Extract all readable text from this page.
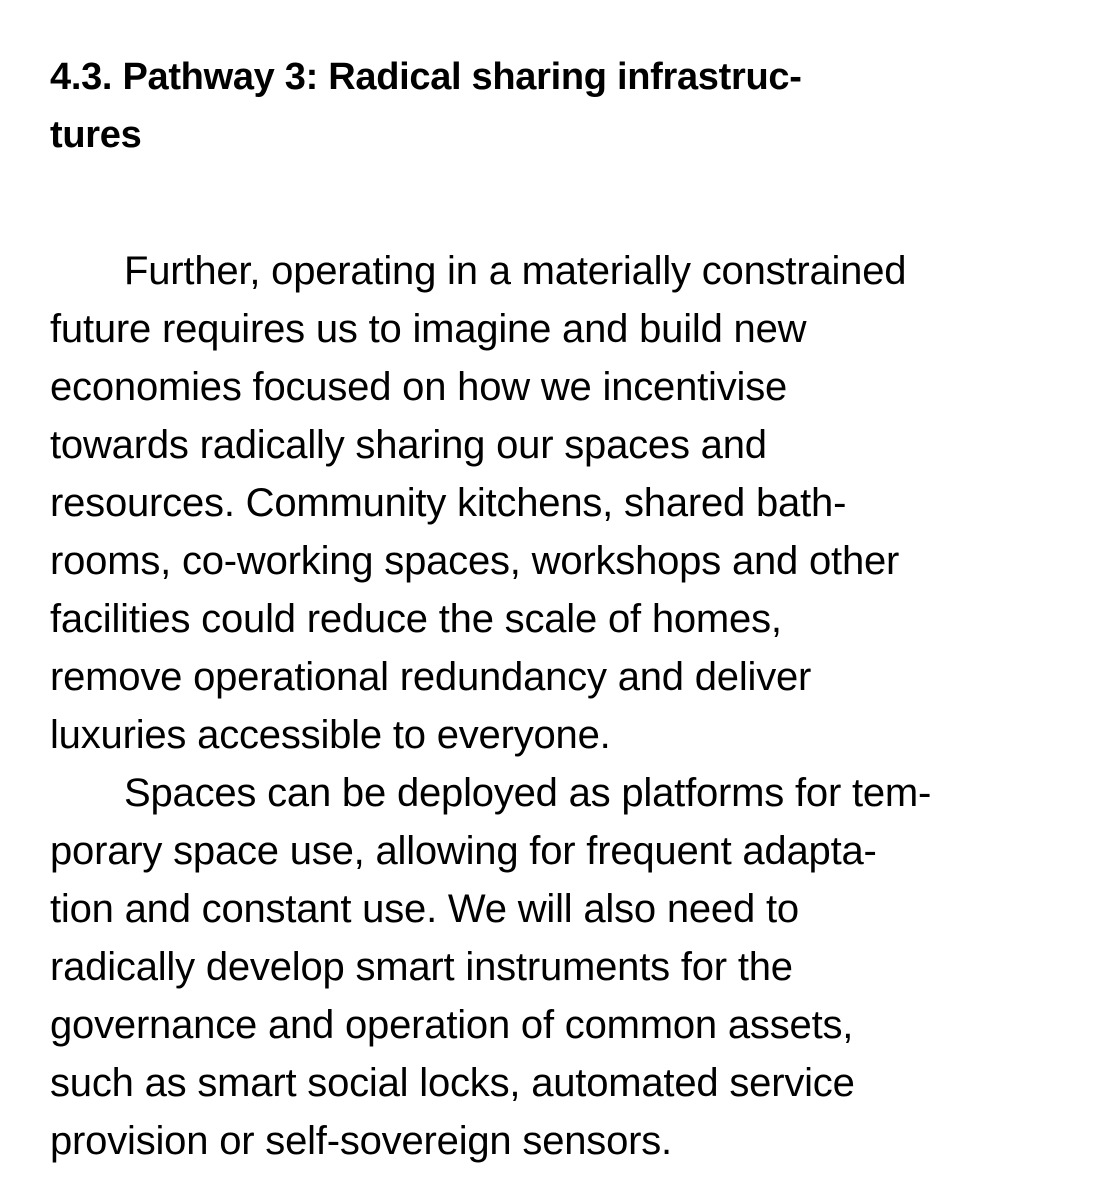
4.3. Pathway 3: Radical sharing infrastruc-
tures
Further, operating in a materially constrained
future requires us to imagine and build new
economies focused on how we incentivise
towards radically sharing our spaces and
resources. Community kitchens, shared bath-
rooms, co-working spaces, workshops and other
facilities could reduce the scale of homes,
remove operational redundancy and deliver
luxuries accessible to everyone.
Spaces can be deployed as platforms for tem-
porary space use, allowing for frequent adapta-
tion and constant use. We will also need to
radically develop smart instruments for the
governance and operation of common assets,
such as smart social locks, automated service
provision or self-sovereign sensors.
